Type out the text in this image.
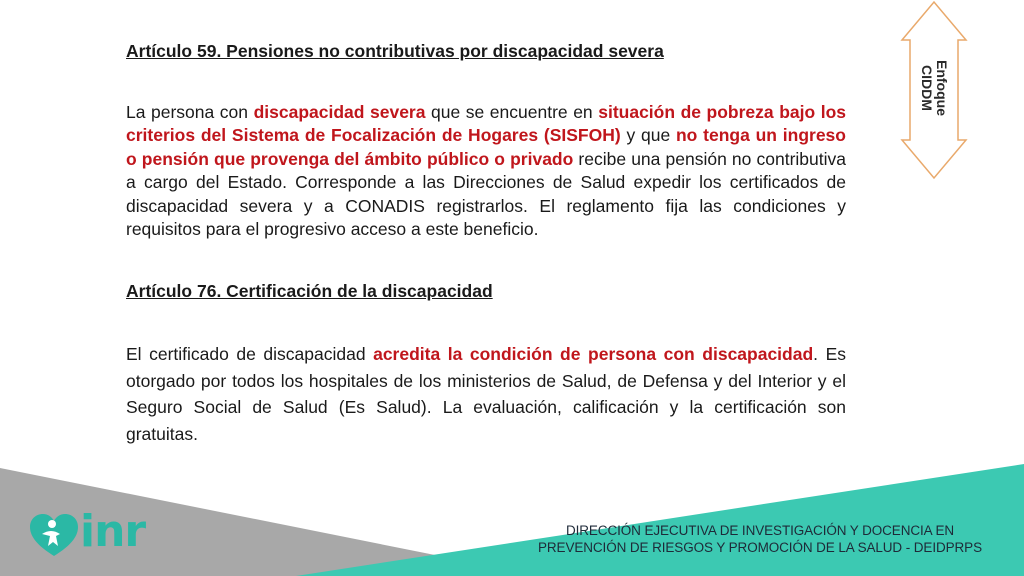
Artículo 59. Pensiones no contributivas por discapacidad severa

La persona con discapacidad severa que se encuentre en situación de pobreza bajo los criterios del Sistema de Focalización de Hogares (SISFOH) y que no tenga un ingreso o pensión que provenga del ámbito público o privado recibe una pensión no contributiva a cargo del Estado. Corresponde a las Direcciones de Salud expedir los certificados de discapacidad severa y a CONADIS registrarlos. El reglamento fija las condiciones y requisitos para el progresivo acceso a este beneficio.

Artículo 76. Certificación de la discapacidad

El certificado de discapacidad acredita la condición de persona con discapacidad. Es otorgado por todos los hospitales de los ministerios de Salud, de Defensa y del Interior y el Seguro Social de Salud (Es Salud). La evaluación, calificación y la certificación son gratuitas.

Enfoque
CIDDM
DIRECCIÓN EJECUTIVA DE INVESTIGACIÓN Y DOCENCIA EN
PREVENCIÓN DE RIESGOS Y PROMOCIÓN DE LA SALUD - DEIDPRPS
inr
